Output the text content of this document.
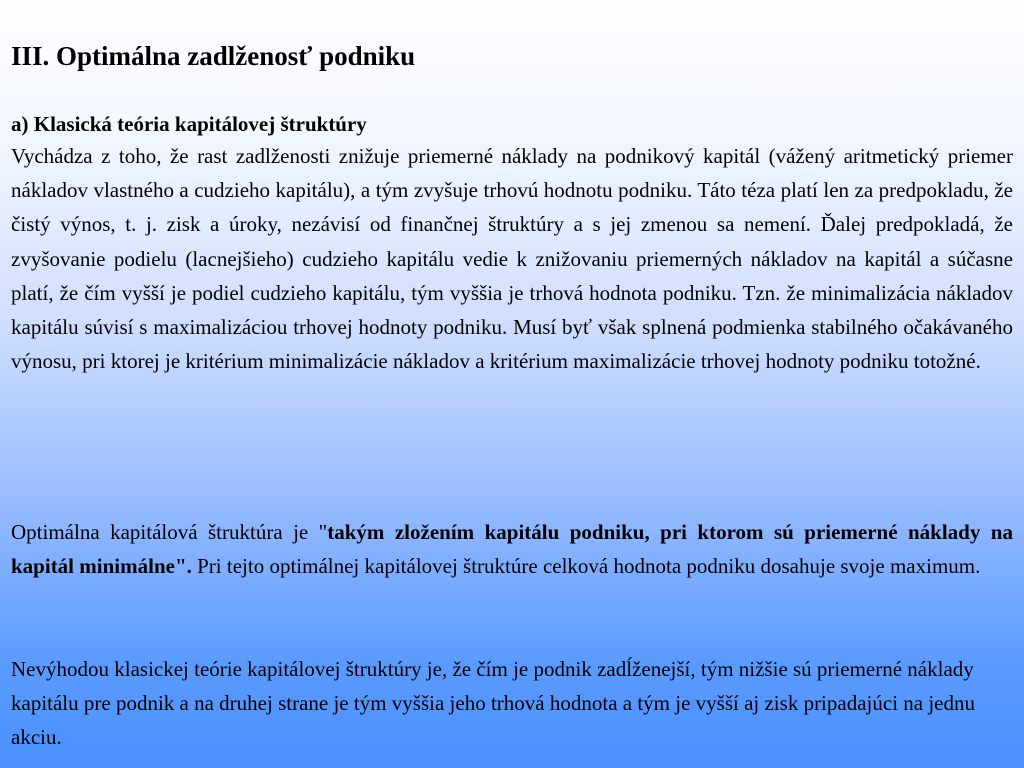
III. Optimálna zadlženosť podniku
a) Klasická teória kapitálovej štruktúry

Vychádza z toho, že rast zadlženosti znižuje priemerné náklady na podnikový kapitál (vážený aritmetický priemer nákladov vlastného a cudzieho kapitálu), a tým zvyšuje trhovú hodnotu podniku. Táto téza platí len za predpokladu, že čistý výnos, t. j. zisk a úroky, nezávisí od finančnej štruktúry a s jej zmenou sa nemení. Ďalej predpokladá, že zvyšovanie podielu (lacnejšieho) cudzieho kapitálu vedie k znižovaniu priemerných nákladov na kapitál a súčasne platí, že čím vyšší je podiel cudzieho kapitálu, tým vyššia je trhová hodnota podniku. Tzn. že minimalizácia nákladov kapitálu súvisí s maximalizáciou trhovej hodnoty podniku. Musí byť však splnená podmienka stabilného očakávaného výnosu, pri ktorej je kritérium minimalizácie nákladov a kritérium maximalizácie trhovej hodnoty podniku totožné.

Optimálna kapitálová štruktúra je "takým zložením kapitálu podniku, pri ktorom sú priemerné náklady na kapitál minimálne". Pri tejto optimálnej kapitálovej štruktúre celková hodnota podniku dosahuje svoje maximum.

Nevýhodou klasickej teórie kapitálovej štruktúry je, že čím je podnik zadĺženejší, tým nižšie sú priemerné náklady kapitálu pre podnik a na druhej strane je tým vyššia jeho trhová hodnota a tým je vyšší aj zisk pripadajúci na jednu akciu.
